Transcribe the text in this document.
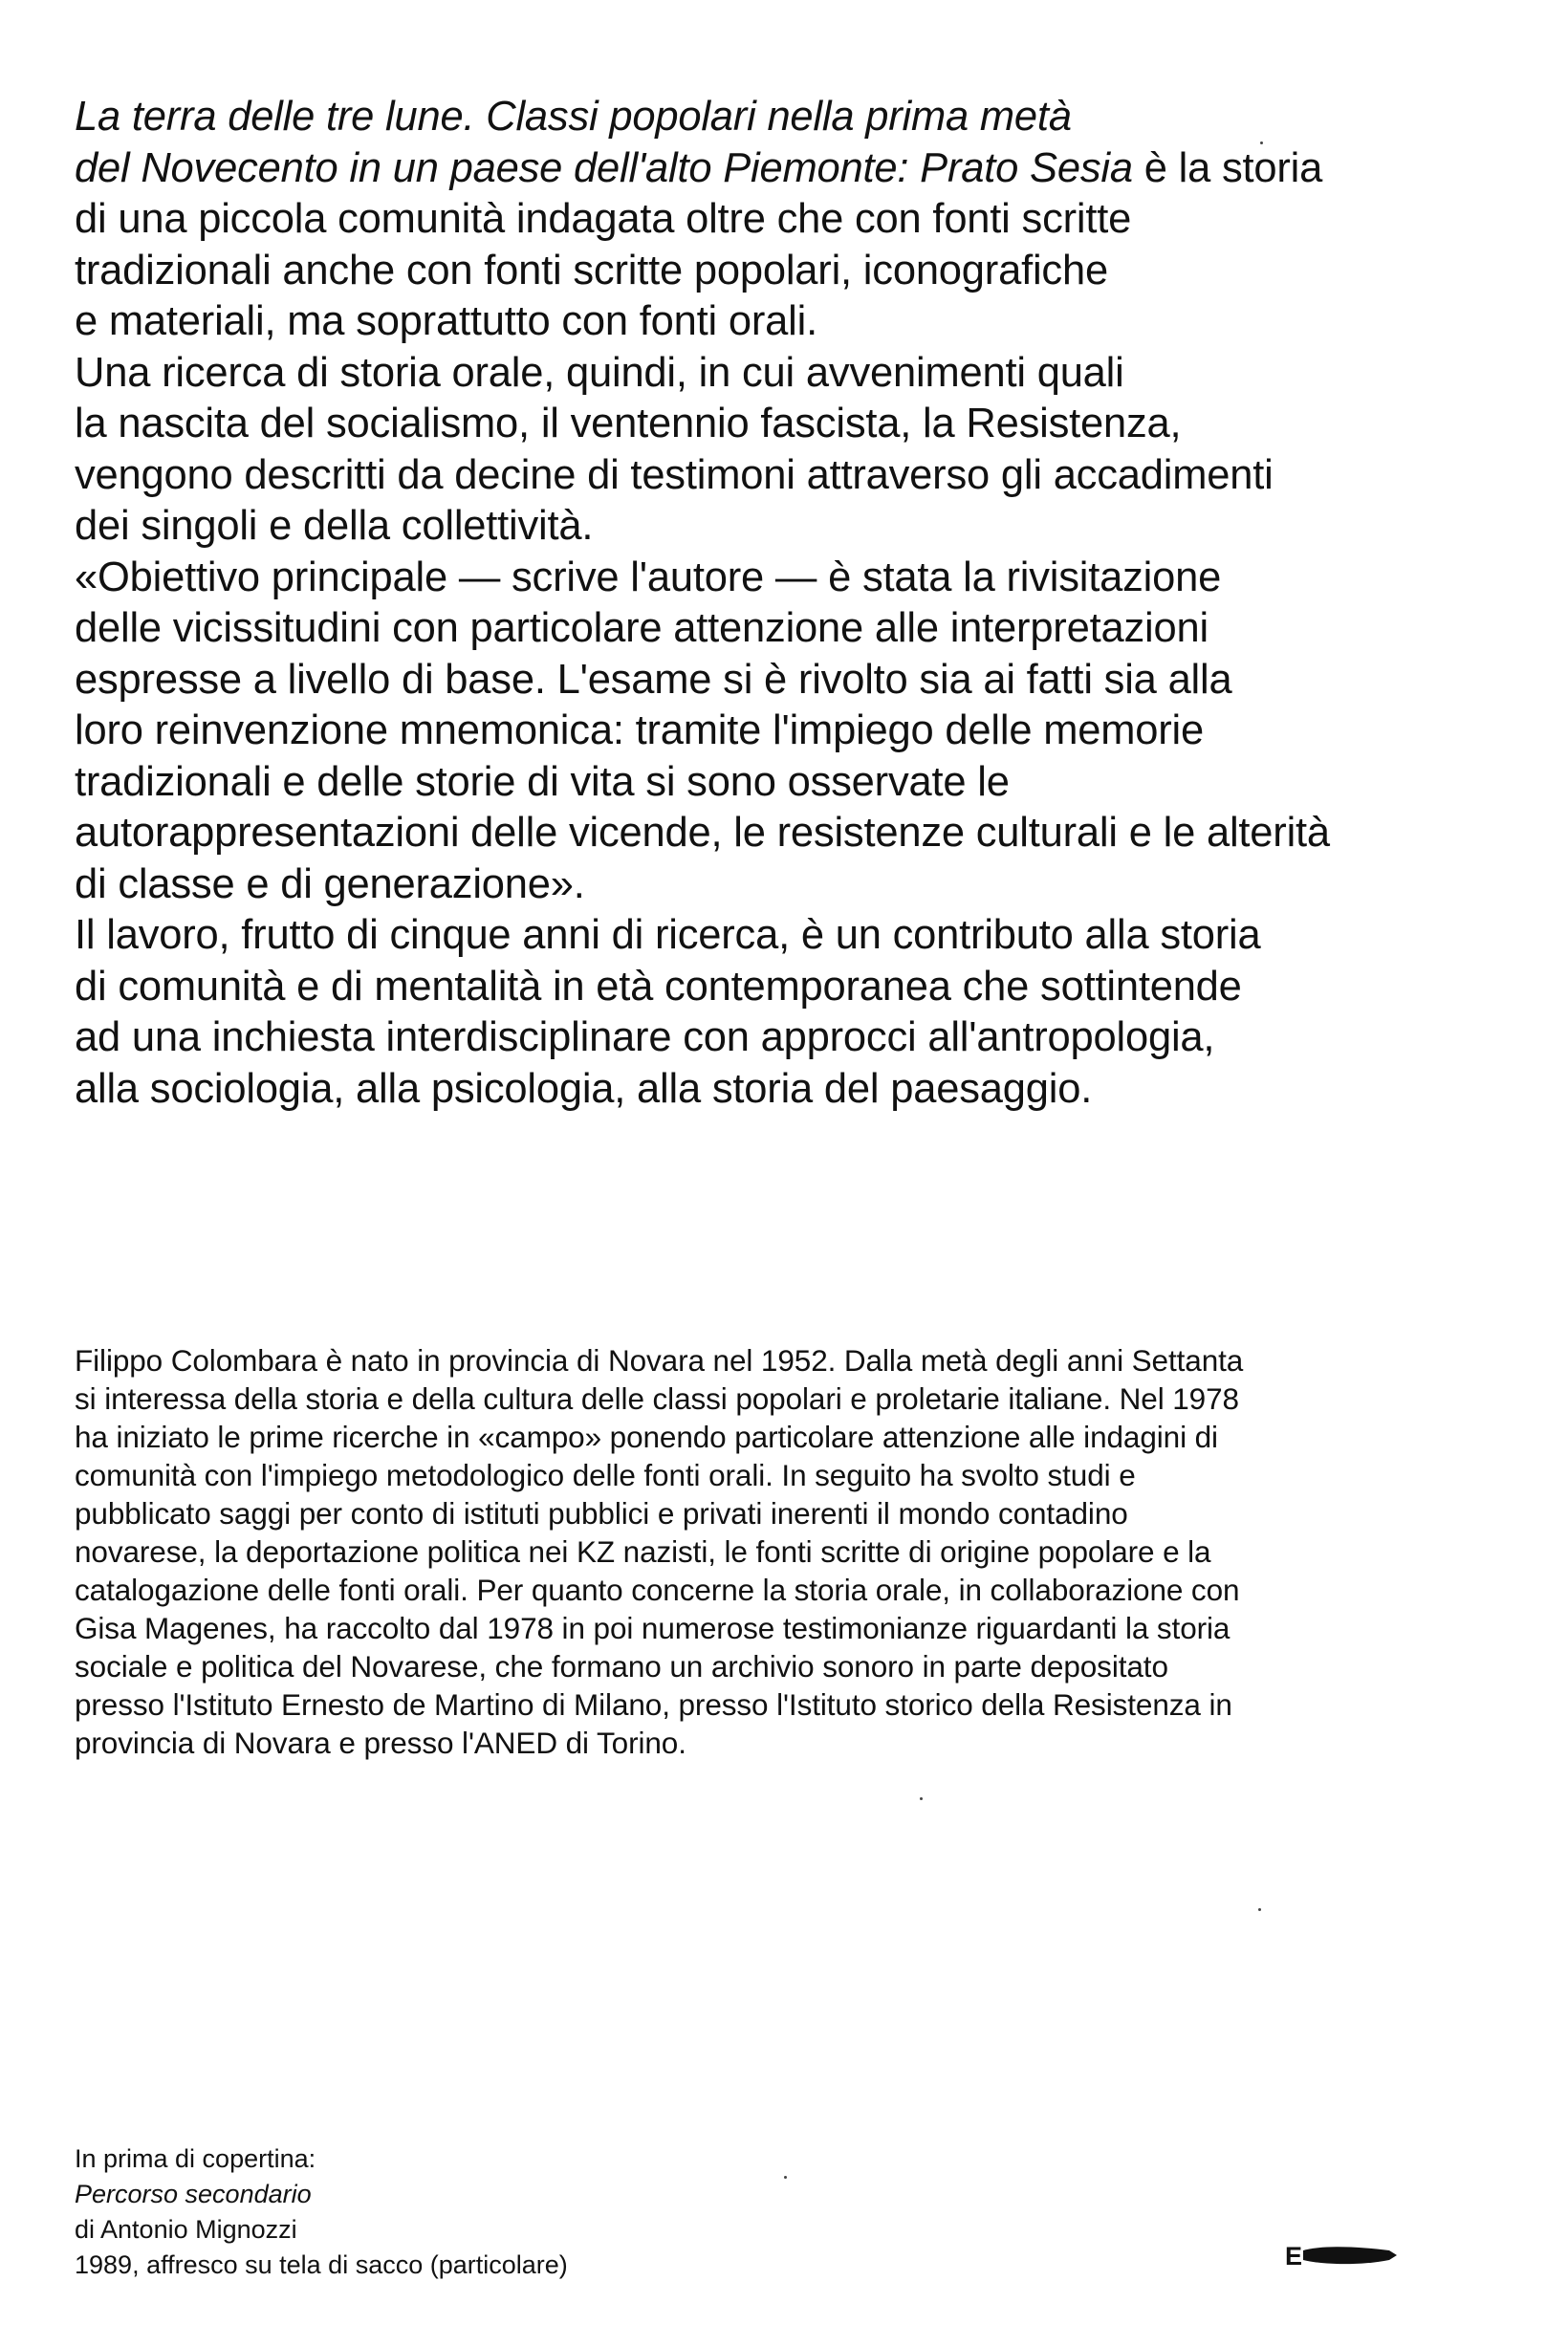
La terra delle tre lune. Classi popolari nella prima metà
del Novecento in un paese dell'alto Piemonte: Prato Sesia è la storia
di una piccola comunità indagata oltre che con fonti scritte
tradizionali anche con fonti scritte popolari, iconografiche
e materiali, ma soprattutto con fonti orali.

Una ricerca di storia orale, quindi, in cui avvenimenti quali
la nascita del socialismo, il ventennio fascista, la Resistenza,
vengono descritti da decine di testimoni attraverso gli accadimenti
dei singoli e della collettività.

«Obiettivo principale — scrive l'autore — è stata la rivisitazione
delle vicissitudini con particolare attenzione alle interpretazioni
espresse a livello di base. L'esame si è rivolto sia ai fatti sia alla
loro reinvenzione mnemonica: tramite l'impiego delle memorie
tradizionali e delle storie di vita si sono osservate le
autorappresentazioni delle vicende, le resistenze culturali e le alterità
di classe e di generazione».

Il lavoro, frutto di cinque anni di ricerca, è un contributo alla storia
di comunità e di mentalità in età contemporanea che sottintende
ad una inchiesta interdisciplinare con approcci all'antropologia,
alla sociologia, alla psicologia, alla storia del paesaggio.

Filippo Colombara è nato in provincia di Novara nel 1952. Dalla metà degli anni Settanta
si interessa della storia e della cultura delle classi popolari e proletarie italiane. Nel 1978
ha iniziato le prime ricerche in «campo» ponendo particolare attenzione alle indagini di
comunità con l'impiego metodologico delle fonti orali. In seguito ha svolto studi e
pubblicato saggi per conto di istituti pubblici e privati inerenti il mondo contadino
novarese, la deportazione politica nei KZ nazisti, le fonti scritte di origine popolare e la
catalogazione delle fonti orali. Per quanto concerne la storia orale, in collaborazione con
Gisa Magenes, ha raccolto dal 1978 in poi numerose testimonianze riguardanti la storia
sociale e politica del Novarese, che formano un archivio sonoro in parte depositato
presso l'Istituto Ernesto de Martino di Milano, presso l'Istituto storico della Resistenza in
provincia di Novara e presso l'ANED di Torino.
In prima di copertina:
Percorso secondario
di Antonio Mignozzi
1989, affresco su tela di sacco (particolare)	E
